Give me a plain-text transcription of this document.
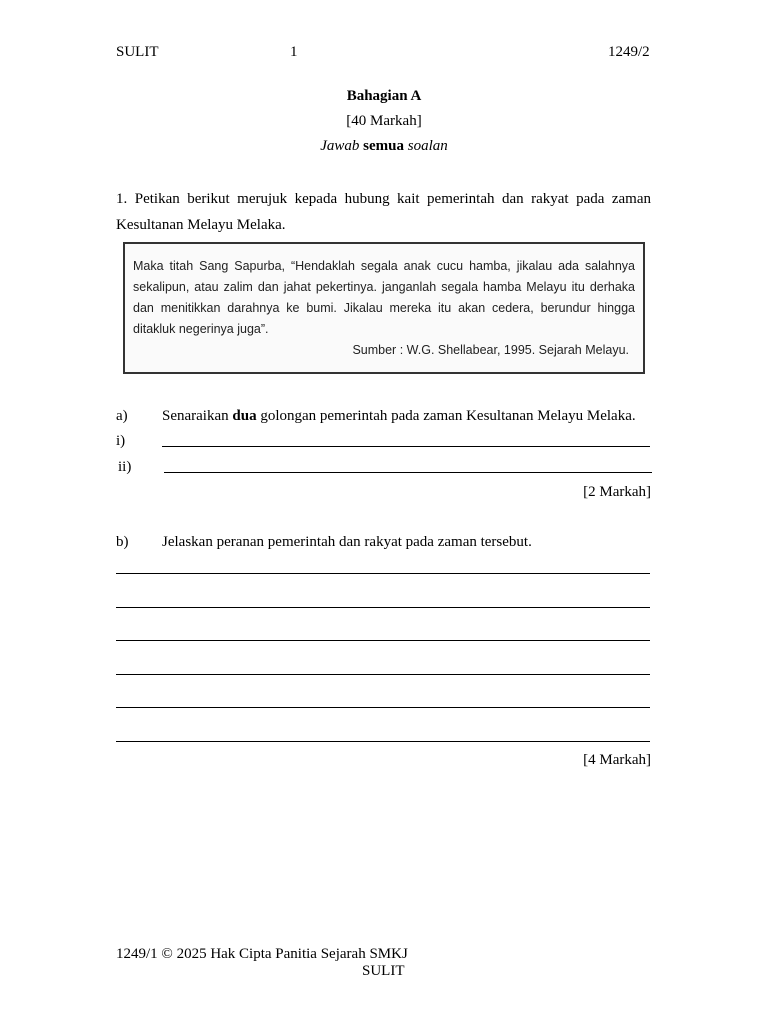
SULIT	1	1249/2
Bahagian A
[40 Markah]
Jawab semua soalan
1. Petikan berikut merujuk kepada hubung kait pemerintah dan rakyat pada zaman Kesultanan Melayu Melaka.
Maka titah Sang Sapurba, “Hendaklah segala anak cucu hamba, jikalau ada salahnya sekalipun, atau zalim dan jahat pekertinya. janganlah segala hamba Melayu itu derhaka dan menitikkan darahnya ke bumi. Jikalau mereka itu akan cedera, berundur hingga ditakluk negerinya juga”.
Sumber : W.G. Shellabear, 1995. Sejarah Melayu.
a) Senaraikan dua golongan pemerintah pada zaman Kesultanan Melayu Melaka.
i)
ii)
[2 Markah]
b) Jelaskan peranan pemerintah dan rakyat pada zaman tersebut.
[4 Markah]
1249/1 © 2025 Hak Cipta Panitia Sejarah SMKJ
SULIT
